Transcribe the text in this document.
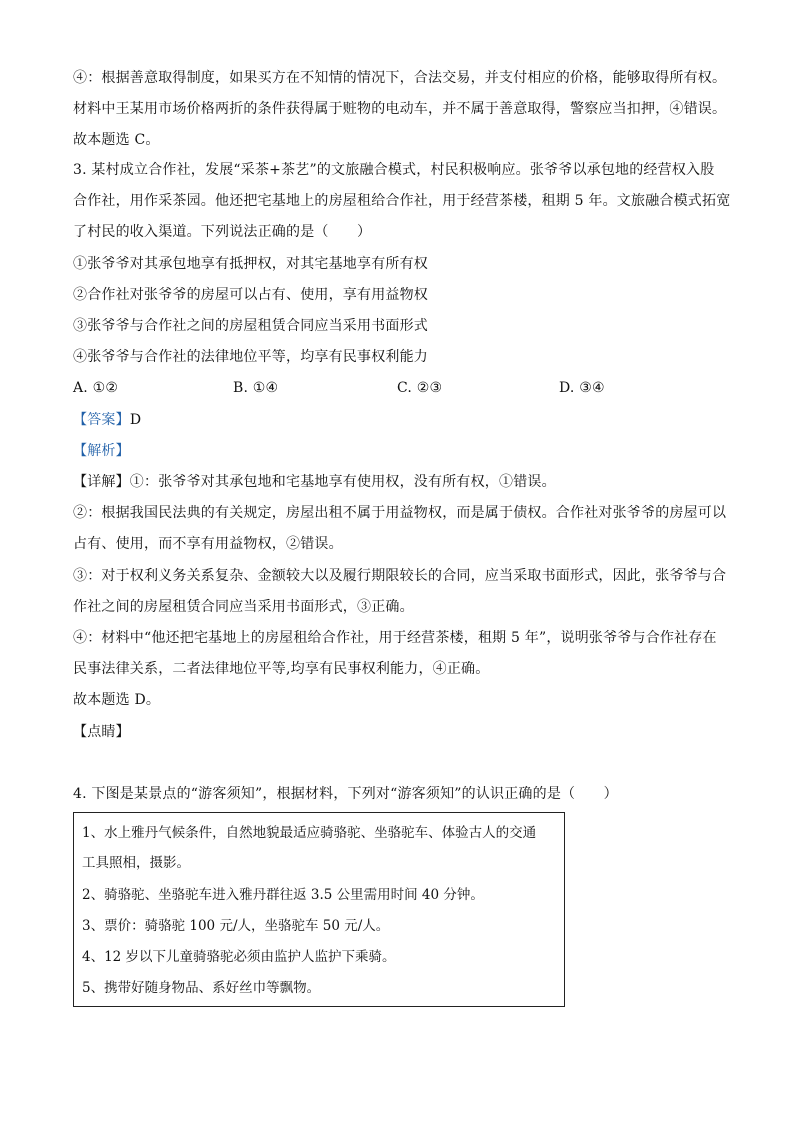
④：根据善意取得制度，如果买方在不知情的情况下，合法交易，并支付相应的价格，能够取得所有权。
材料中王某用市场价格两折的条件获得属于赃物的电动车，并不属于善意取得，警察应当扣押，④错误。
故本题选 C。
3. 某村成立合作社，发展“采茶+茶艺”的文旅融合模式，村民积极响应。张爷爷以承包地的经营权入股
合作社，用作采茶园。他还把宅基地上的房屋租给合作社，用于经营茶楼，租期 5 年。文旅融合模式拓宽
了村民的收入渠道。下列说法正确的是（　　）
①张爷爷对其承包地享有抵押权，对其宅基地享有所有权
②合作社对张爷爷的房屋可以占有、使用，享有用益物权
③张爷爷与合作社之间的房屋租赁合同应当采用书面形式
④张爷爷与合作社的法律地位平等，均享有民事权利能力
A. ①②	B. ①④	C. ②③	D. ③④
【答案】D
【解析】
【详解】①：张爷爷对其承包地和宅基地享有使用权，没有所有权，①错误。
②：根据我国民法典的有关规定，房屋出租不属于用益物权，而是属于债权。合作社对张爷爷的房屋可以
占有、使用，而不享有用益物权，②错误。
③：对于权利义务关系复杂、金额较大以及履行期限较长的合同，应当采取书面形式，因此，张爷爷与合
作社之间的房屋租赁合同应当采用书面形式，③正确。
④：材料中“他还把宅基地上的房屋租给合作社，用于经营茶楼，租期 5 年”，说明张爷爷与合作社存在
民事法律关系，二者法律地位平等,均享有民事权利能力，④正确。
故本题选 D。
【点睛】
4. 下图是某景点的“游客须知”，根据材料，下列对“游客须知”的认识正确的是（　　）
1、水上雅丹气候条件，自然地貌最适应骑骆驼、坐骆驼车、体验古人的交通
工具照相，摄影。
2、骑骆驼、坐骆驼车进入雅丹群往返 3.5 公里需用时间 40 分钟。
3、票价：骑骆驼 100 元/人，坐骆驼车 50 元/人。
4、12 岁以下儿童骑骆驼必须由监护人监护下乘骑。
5、携带好随身物品、系好丝巾等飘物。
